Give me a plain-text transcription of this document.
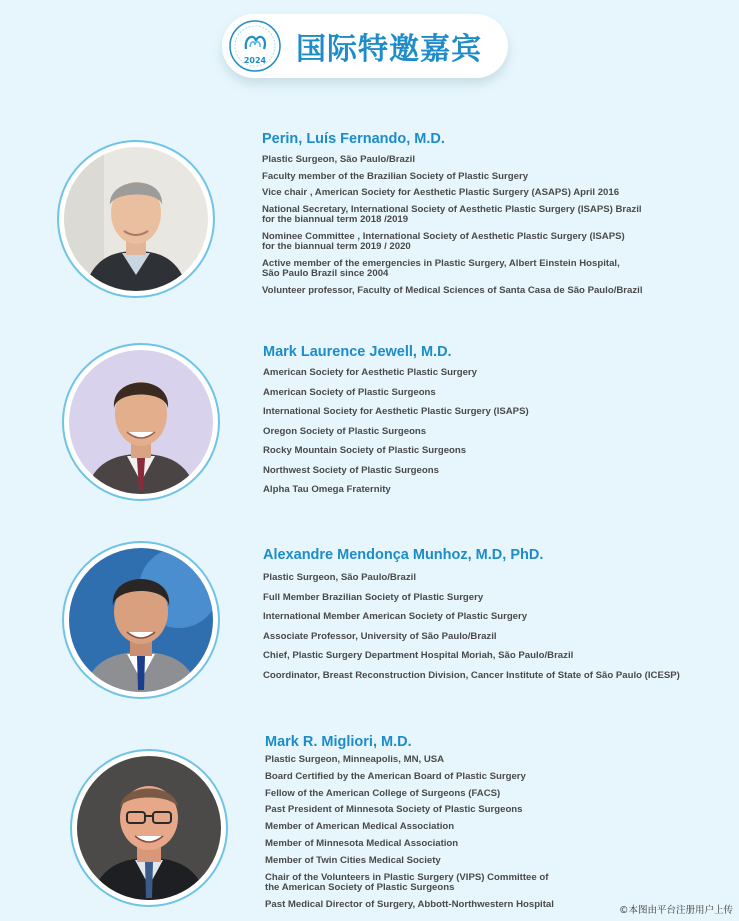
2024 国际特邀嘉宾
Perin, Luís Fernando, M.D.
Plastic Surgeon, São Paulo/Brazil
Faculty member of the Brazilian Society of Plastic Surgery
Vice chair , American Society for Aesthetic Plastic Surgery (ASAPS) April 2016
National Secretary, International Society of Aesthetic Plastic Surgery (ISAPS) Brazil
for the biannual term 2018 /2019
Nominee Committee , International Society of Aesthetic Plastic Surgery (ISAPS)
for the biannual term 2019 / 2020
Active member of the emergencies in Plastic Surgery, Albert Einstein Hospital,
São Paulo Brazil since 2004
Volunteer professor, Faculty of Medical Sciences of Santa Casa de São Paulo/Brazil
Mark Laurence Jewell, M.D.
American Society for Aesthetic Plastic Surgery
American Society of Plastic Surgeons
International Society for Aesthetic Plastic Surgery (ISAPS)
Oregon Society of Plastic Surgeons
Rocky Mountain Society of Plastic Surgeons
Northwest Society of Plastic Surgeons
Alpha Tau Omega Fraternity
Alexandre Mendonça Munhoz, M.D, PhD.
Plastic Surgeon, São Paulo/Brazil
Full Member Brazilian Society of Plastic Surgery
International Member American Society of Plastic Surgery
Associate Professor, University of São Paulo/Brazil
Chief, Plastic Surgery Department Hospital Moriah, São Paulo/Brazil
Coordinator, Breast Reconstruction Division, Cancer Institute of State of São Paulo (ICESP)
Mark R. Migliori, M.D.
Plastic Surgeon, Minneapolis, MN, USA
Board Certified by the American Board of Plastic Surgery
Fellow of the American College of Surgeons (FACS)
Past President of Minnesota Society of Plastic Surgeons
Member of American Medical Association
Member of Minnesota Medical Association
Member of Twin Cities Medical Society
Chair of the Volunteers in Plastic Surgery (VIPS) Committee of
the American Society of Plastic Surgeons
Past Medical Director of Surgery, Abbott-Northwestern Hospital
©本图由平台注册用户上传
